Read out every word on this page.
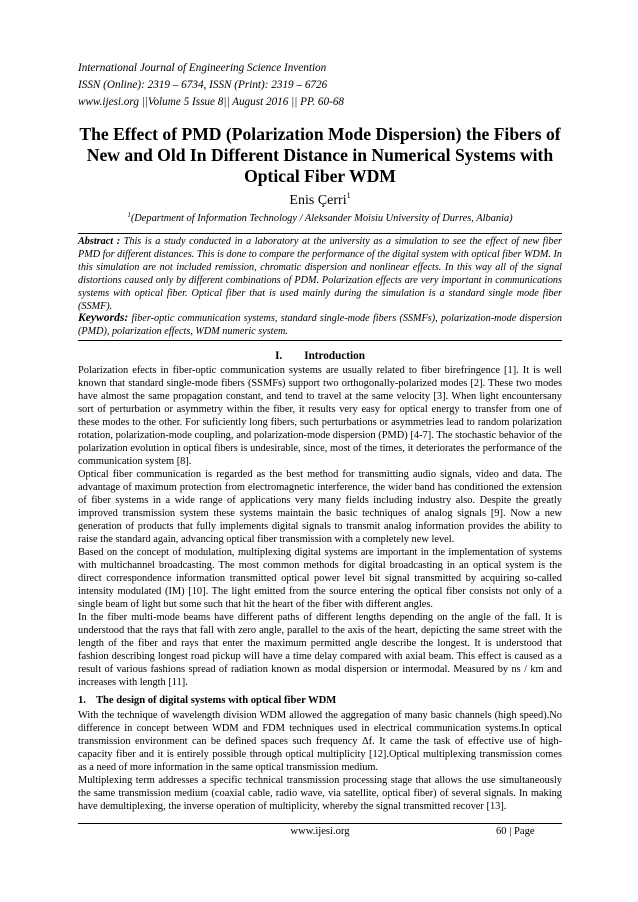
International Journal of Engineering Science Invention
ISSN (Online): 2319 – 6734, ISSN (Print): 2319 – 6726
www.ijesi.org ||Volume 5 Issue 8|| August 2016 || PP. 60-68
The Effect of PMD (Polarization Mode Dispersion) the Fibers of
New and Old In Different Distance in Numerical Systems with
Optical Fiber WDM
Enis Çerri$^1$
$^1$(Department of Information Technology / Aleksander Moisiu University of Durres, Albania)
Abstract : This is a study conducted in a laboratory at the university as a simulation to see the effect of new fiber PMD for different distances. This is done to compare the performance of the digital system with optical fiber WDM. In this simulation are not included remission, chromatic dispersion and nonlinear effects. In this way all of the signal distortions caused only by different combinations of PDM. Polarization effects are very important in communications systems with optical fiber. Optical fiber that is used mainly during the simulation is a standard single mode fiber (SSMF).
Keywords: fiber-optic communication systems, standard single-mode fibers (SSMFs), polarization-mode dispersion (PMD), polarization effects, WDM numeric system.
I. Introduction

Polarization efects in fiber-optic communication systems are usually related to fiber birefringence [1]. It is well known that standard single-mode fibers (SSMFs) support two orthogonally-polarized modes [2]. These two modes have almost the same propagation constant, and tend to travel at the same velocity [3]. When light encountersany sort of perturbation or asymmetry within the fiber, it results very easy for optical energy to transfer from one of these modes to the other. For suficiently long fibers, such perturbations or asymmetries lead to random polarization rotation, polarization-mode coupling, and polarization-mode dispersion (PMD) [4-7]. The stochastic behavior of the polarization evolution in optical fibers is undesirable, since, most of the times, it deteriorates the performance of the communication system [8].

Optical fiber communication is regarded as the best method for transmitting audio signals, video and data. The advantage of maximum protection from electromagnetic interference, the wider band has conditioned the extension of fiber systems in a wide range of applications very many fields including industry also. Despite the greatly improved transmission system these systems maintain the basic techniques of analog signals [9]. Now a new generation of products that fully implements digital signals to transmit analog information provides the ability to raise the standard again, advancing optical fiber transmission with a completely new level.

Based on the concept of modulation, multiplexing digital systems are important in the implementation of systems with multichannel broadcasting. The most common methods for digital broadcasting in an optical system is the direct correspondence information transmitted optical power level bit signal transmitted by acquiring so-called intensity modulated (IM) [10]. The light emitted from the source entering the optical fiber consists not only of a single beam of light but some such that hit the heart of the fiber with different angles.

In the fiber multi-mode beams have different paths of different lengths depending on the angle of the fall. It is understood that the rays that fall with zero angle, parallel to the axis of the heart, depicting the same street with the length of the fiber and rays that enter the maximum permitted angle describe the longest. It is understood that fashion describing longest road pickup will have a time delay compared with axial beam. This effect is caused as a result of various fashions spread of radiation known as modal dispersion or intermodal. Measured by ns / km and increases with length [11].

1. The design of digital systems with optical fiber WDM

With the technique of wavelength division WDM allowed the aggregation of many basic channels (high speed).No difference in concept between WDM and FDM techniques used in electrical communication systems.In optical transmission environment can be defined spaces such frequency Δf. It came the task of effective use of high-capacity fiber and it is entirely possible through optical multiplicity [12].Optical multiplexing transmission comes as a need of more information in the same optical transmission medium.

Multiplexing term addresses a specific technical transmission processing stage that allows the use simultaneously the same transmission medium (coaxial cable, radio wave, via satellite, optical fiber) of several signals. In making have demultiplexing, the inverse operation of multiplicity, whereby the signal transmitted recover [13].

www.ijesi.org	60 | Page
